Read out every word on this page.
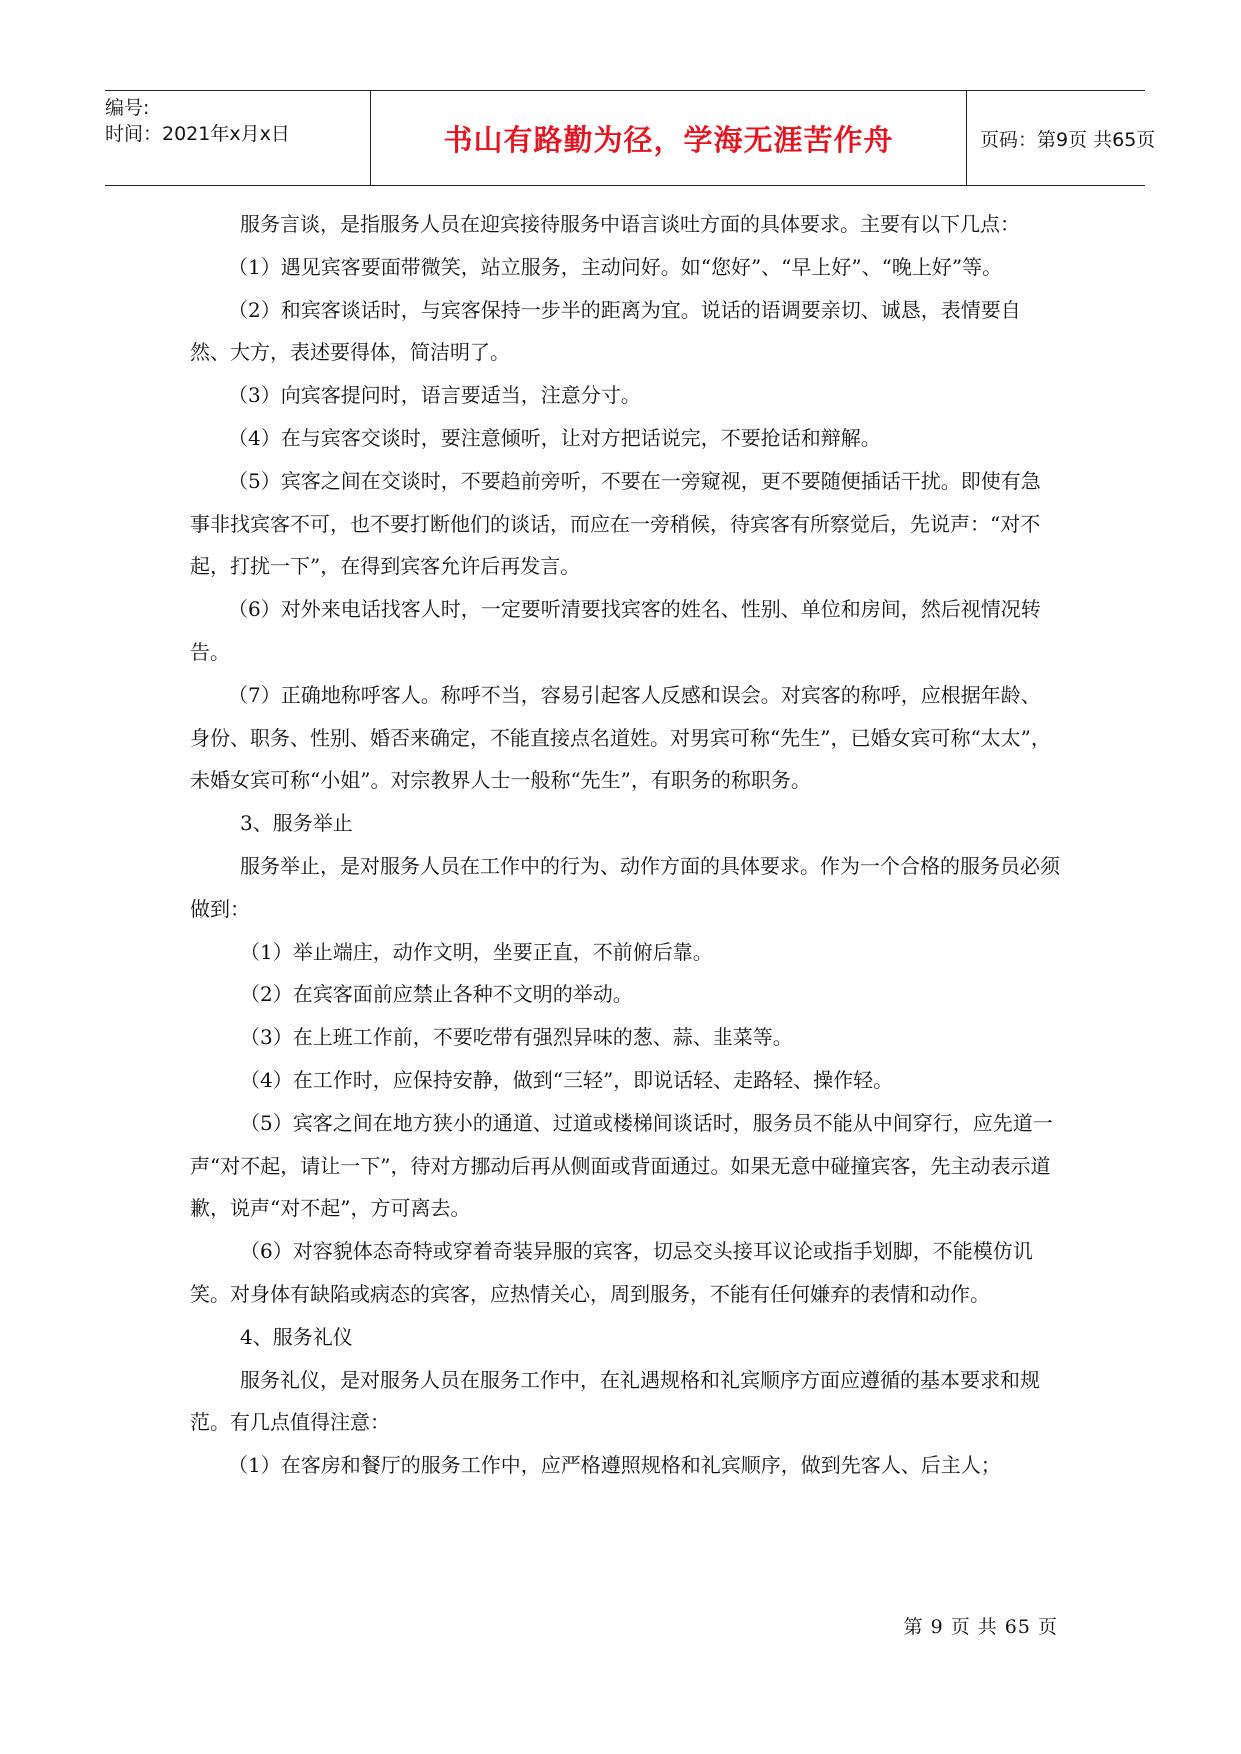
编号:
时间：2021年x月x日	书山有路勤为径，学海无涯苦作舟	页码：第9页 共65页

服务言谈，是指服务人员在迎宾接待服务中语言谈吐方面的具体要求。主要有以下几点：

（1）遇见宾客要面带微笑，站立服务，主动问好。如“您好”、“早上好”、“晚上好”等。

（2）和宾客谈话时，与宾客保持一步半的距离为宜。说话的语调要亲切、诚恳，表情要自然、大方，表述要得体，简洁明了。

（3）向宾客提问时，语言要适当，注意分寸。

（4）在与宾客交谈时，要注意倾听，让对方把话说完，不要抢话和辩解。

（5）宾客之间在交谈时，不要趋前旁听，不要在一旁窥视，更不要随便插话干扰。即使有急事非找宾客不可，也不要打断他们的谈话，而应在一旁稍候，待宾客有所察觉后，先说声：“对不起，打扰一下”，在得到宾客允许后再发言。

（6）对外来电话找客人时，一定要听清要找宾客的姓名、性别、单位和房间，然后视情况转告。

（7）正确地称呼客人。称呼不当，容易引起客人反感和误会。对宾客的称呼，应根据年龄、身份、职务、性别、婚否来确定，不能直接点名道姓。对男宾可称“先生”，已婚女宾可称“太太”，未婚女宾可称“小姐”。对宗教界人士一般称“先生”，有职务的称职务。

3、服务举止

服务举止，是对服务人员在工作中的行为、动作方面的具体要求。作为一个合格的服务员必须做到：

（1）举止端庄，动作文明，坐要正直，不前俯后靠。

（2）在宾客面前应禁止各种不文明的举动。

（3）在上班工作前，不要吃带有强烈异味的葱、蒜、韭菜等。

（4）在工作时，应保持安静，做到“三轻”，即说话轻、走路轻、操作轻。

（5）宾客之间在地方狭小的通道、过道或楼梯间谈话时，服务员不能从中间穿行，应先道一声“对不起，请让一下”，待对方挪动后再从侧面或背面通过。如果无意中碰撞宾客，先主动表示道歉，说声“对不起”，方可离去。

（6）对容貌体态奇特或穿着奇装异服的宾客，切忌交头接耳议论或指手划脚，不能模仿讥笑。对身体有缺陷或病态的宾客，应热情关心，周到服务，不能有任何嫌弃的表情和动作。

4、服务礼仪

服务礼仪，是对服务人员在服务工作中，在礼遇规格和礼宾顺序方面应遵循的基本要求和规范。有几点值得注意：

（1）在客房和餐厅的服务工作中，应严格遵照规格和礼宾顺序，做到先客人、后主人；

第 9 页 共 65 页
